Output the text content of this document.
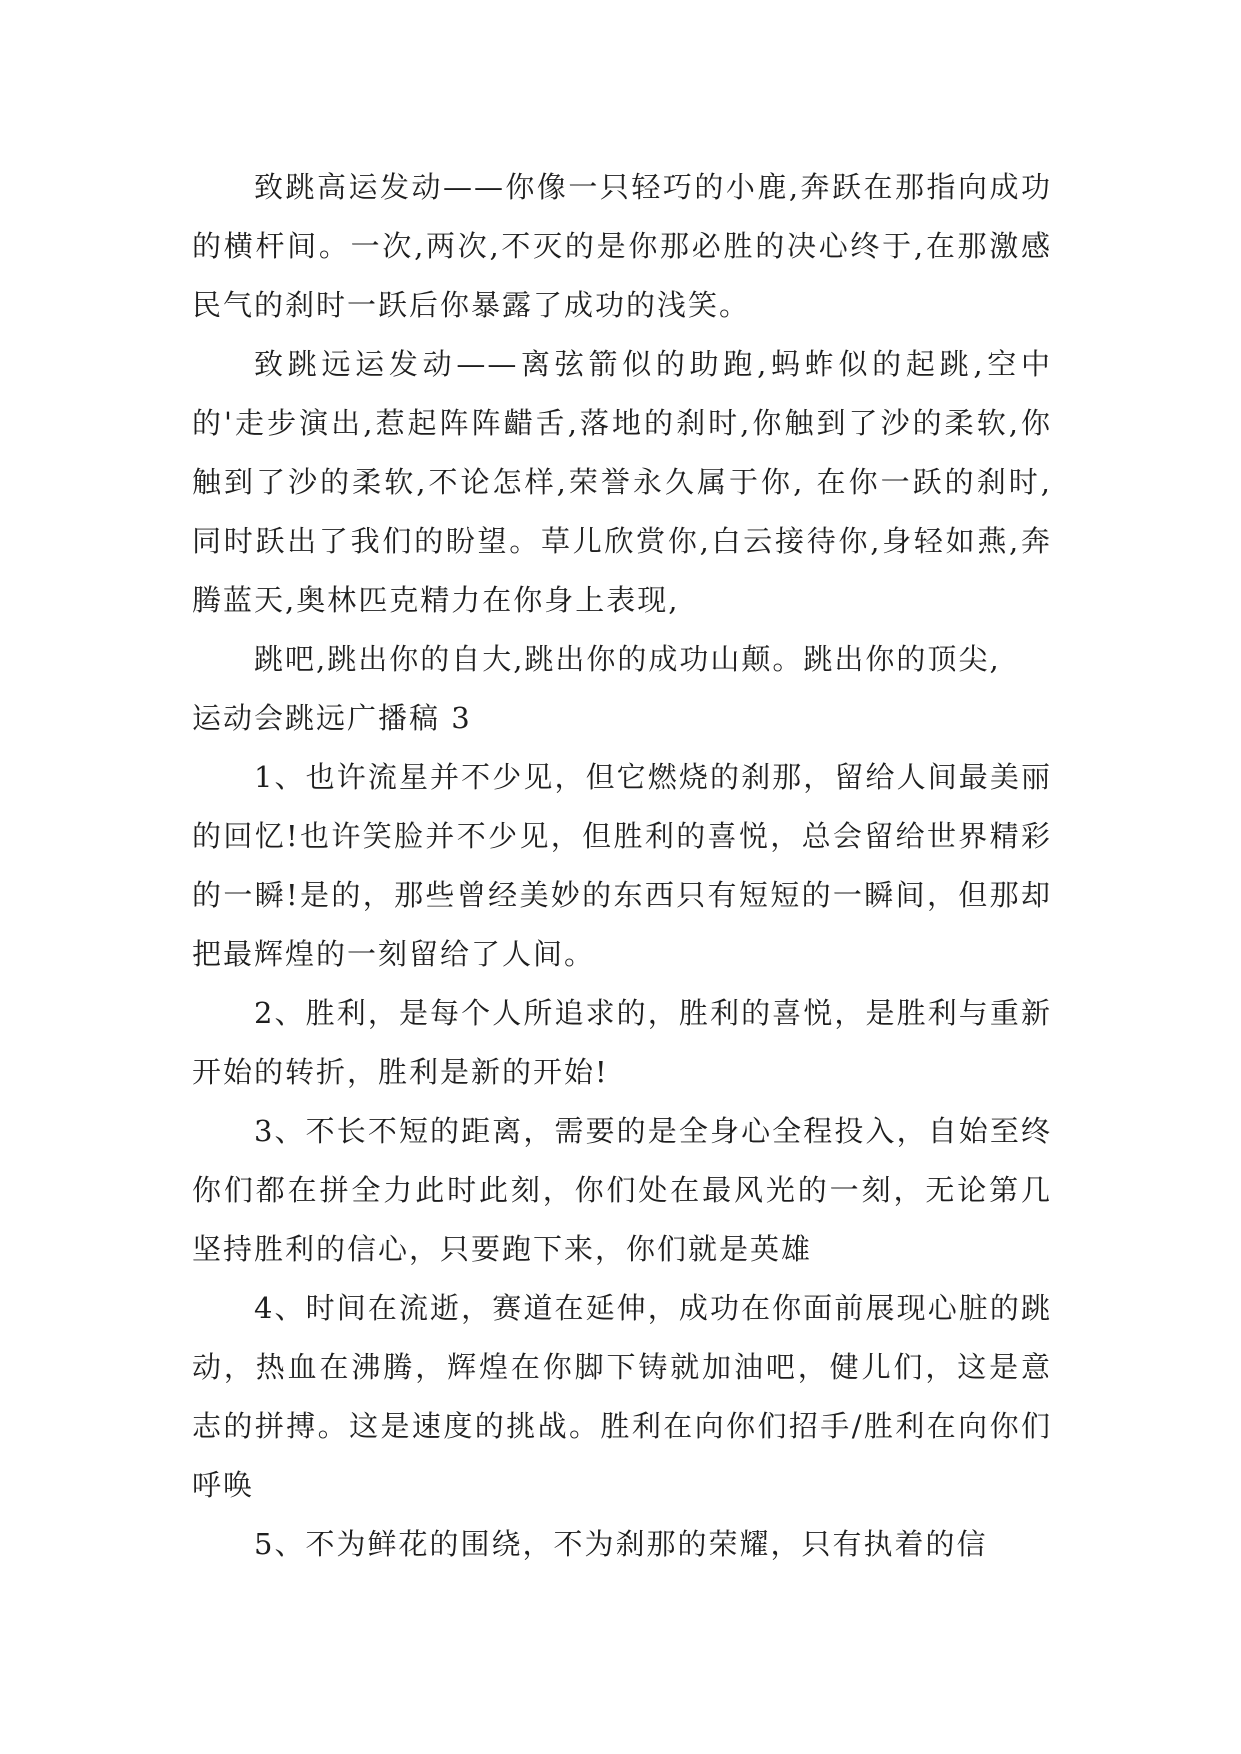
致跳高运发动——你像一只轻巧的小鹿,奔跃在那指向成功的横杆间。一次,两次,不灭的是你那必胜的决心终于,在那激感民气的刹时一跃后你暴露了成功的浅笑。

致跳远运发动——离弦箭似的助跑,蚂蚱似的起跳,空中的'走步演出,惹起阵阵齰舌,落地的刹时,你触到了沙的柔软,你触到了沙的柔软,不论怎样,荣誉永久属于你, 在你一跃的刹时,同时跃出了我们的盼望。草儿欣赏你,白云接待你,身轻如燕,奔腾蓝天,奥林匹克精力在你身上表现,

跳吧,跳出你的自大,跳出你的成功山颠。跳出你的顶尖,

运动会跳远广播稿 3

1、也许流星并不少见，但它燃烧的刹那，留给人间最美丽的回忆!也许笑脸并不少见，但胜利的喜悦，总会留给世界精彩的一瞬!是的，那些曾经美妙的东西只有短短的一瞬间，但那却把最辉煌的一刻留给了人间。

2、胜利，是每个人所追求的，胜利的喜悦，是胜利与重新开始的转折，胜利是新的开始!

3、不长不短的距离，需要的是全身心全程投入，自始至终你们都在拼全力此时此刻，你们处在最风光的一刻，无论第几坚持胜利的信心，只要跑下来，你们就是英雄

4、时间在流逝，赛道在延伸，成功在你面前展现心脏的跳动，热血在沸腾，辉煌在你脚下铸就加油吧，健儿们，这是意志的拼搏。这是速度的挑战。胜利在向你们招手/胜利在向你们呼唤

5、不为鲜花的围绕，不为刹那的荣耀，只有执着的信
